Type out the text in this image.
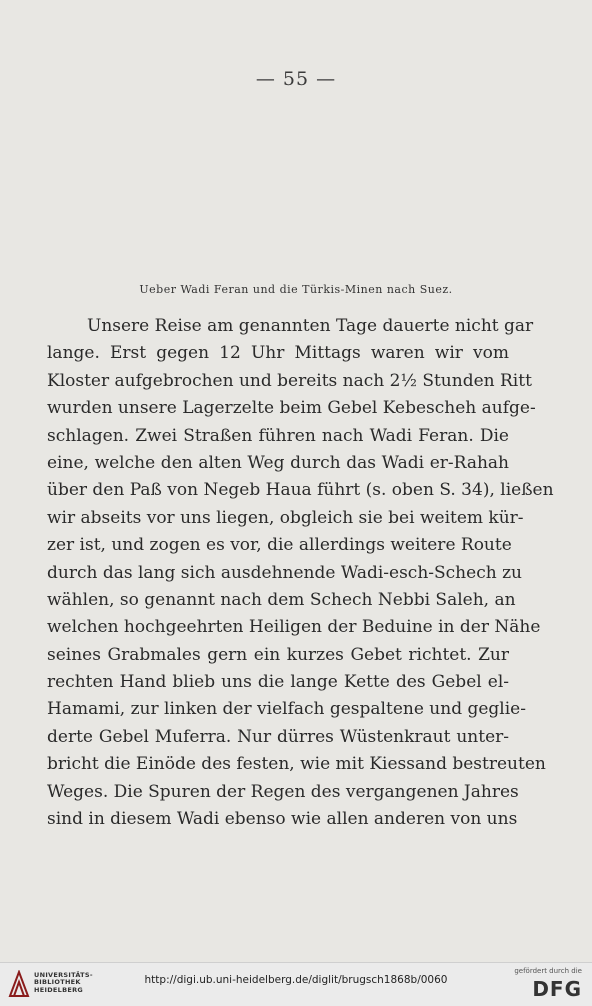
— 55 —
Ueber Wadi Feran und die Türkis-Minen nach Suez.
Unsere Reise am genannten Tage dauerte nicht gar
lange. Erst gegen 12 Uhr Mittags waren wir vom
Kloster aufgebrochen und bereits nach 2½ Stunden Ritt
wurden unsere Lagerzelte beim Gebel Kebescheh aufge-
schlagen. Zwei Straßen führen nach Wadi Feran. Die
eine, welche den alten Weg durch das Wadi er-Rahah
über den Paß von Negeb Haua führt (s. oben S. 34), ließen
wir abseits vor uns liegen, obgleich sie bei weitem kür-
zer ist, und zogen es vor, die allerdings weitere Route
durch das lang sich ausdehnende Wadi-esch-Schech zu
wählen, so genannt nach dem Schech Nebbi Saleh, an
welchen hochgeehrten Heiligen der Beduine in der Nähe
seines Grabmales gern ein kurzes Gebet richtet. Zur
rechten Hand blieb uns die lange Kette des Gebel el-
Hamami, zur linken der vielfach gespaltene und geglie-
derte Gebel Muferra. Nur dürres Wüstenkraut unter-
bricht die Einöde des festen, wie mit Kiessand bestreuten
Weges. Die Spuren der Regen des vergangenen Jahres
sind in diesem Wadi ebenso wie allen anderen von uns
UNIVERSITÄTS-
BIBLIOTHEK
HEIDELBERG
http://digi.ub.uni-heidelberg.de/diglit/brugsch1868b/0060
gefördert durch die
DFG
